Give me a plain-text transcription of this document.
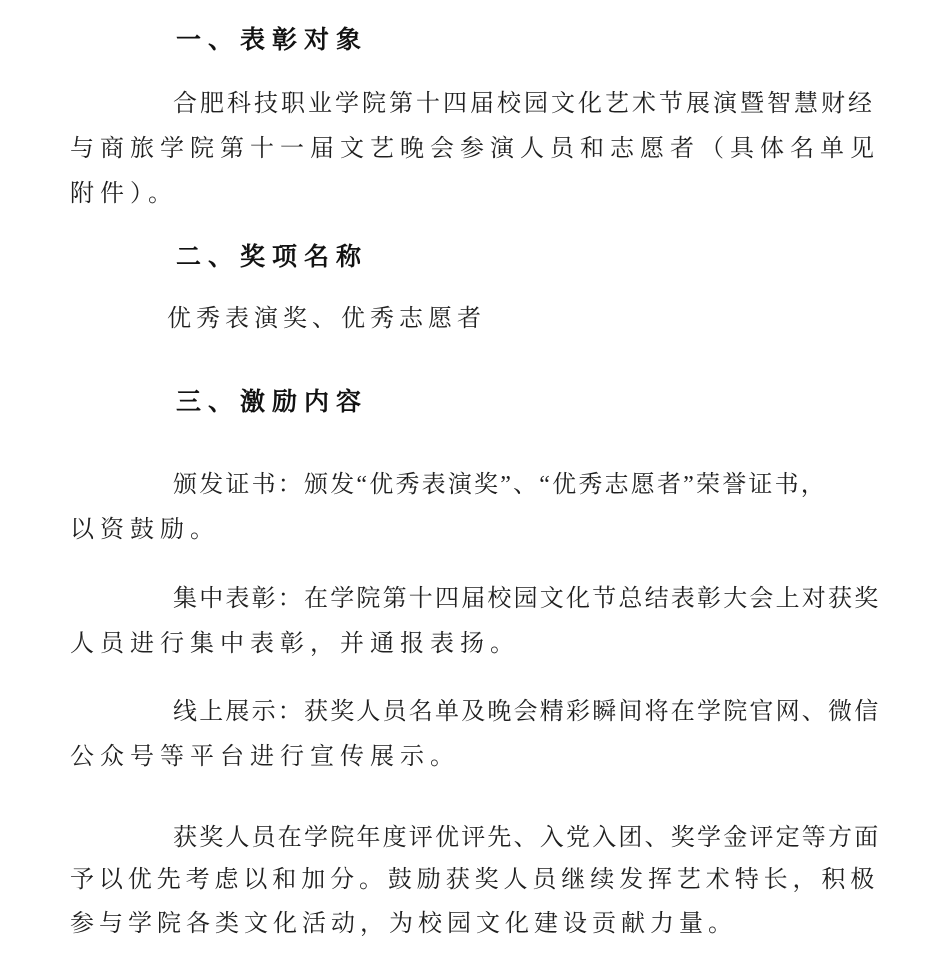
一、表彰对象
合肥科技职业学院第十四届校园文化艺术节展演暨智慧财经
与商旅学院第十一届文艺晚会参演人员和志愿者（具体名单见
附件）。
二、奖项名称
优秀表演奖、优秀志愿者
三、激励内容
颁发证书：颁发“优秀表演奖”、“优秀志愿者”荣誉证书，
以资鼓励。
集中表彰：在学院第十四届校园文化节总结表彰大会上对获奖
人员进行集中表彰，并通报表扬。
线上展示：获奖人员名单及晚会精彩瞬间将在学院官网、微信
公众号等平台进行宣传展示。
获奖人员在学院年度评优评先、入党入团、奖学金评定等方面
予以优先考虑以和加分。鼓励获奖人员继续发挥艺术特长，积极
参与学院各类文化活动，为校园文化建设贡献力量。
